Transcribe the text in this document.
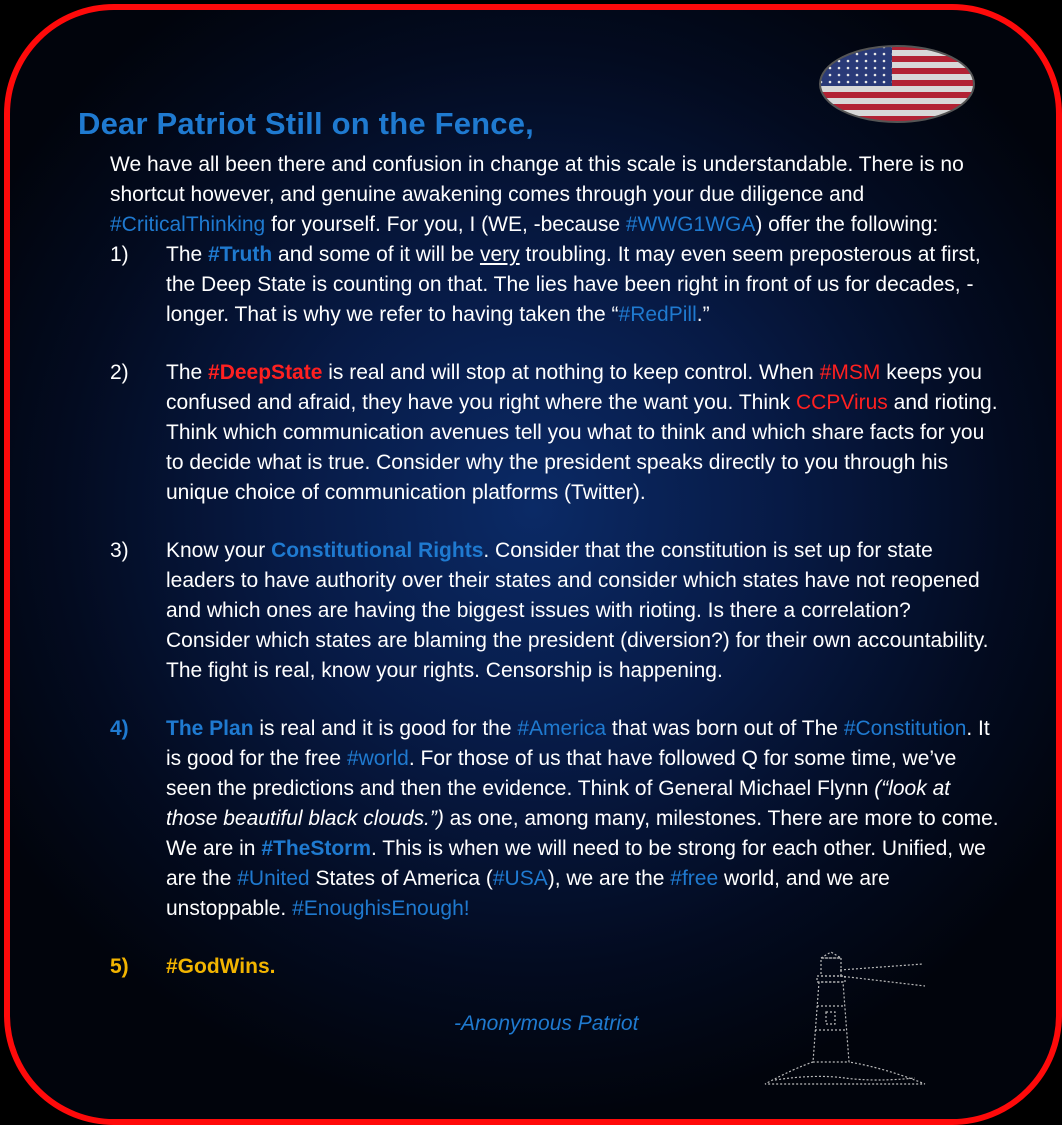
Dear Patriot Still on the Fence,
We have all been there and confusion in change at this scale is understandable. There is no shortcut however, and genuine awakening comes through your due diligence and #CriticalThinking for yourself. For you, I (WE, -because #WWG1WGA) offer the following:
1) The #Truth and some of it will be very troubling. It may even seem preposterous at first, the Deep State is counting on that. The lies have been right in front of us for decades, -longer. That is why we refer to having taken the “#RedPill.”
2) The #DeepState is real and will stop at nothing to keep control. When #MSM keeps you confused and afraid, they have you right where the want you. Think CCPVirus and rioting. Think which communication avenues tell you what to think and which share facts for you to decide what is true. Consider why the president speaks directly to you through his unique choice of communication platforms (Twitter).
3) Know your Constitutional Rights. Consider that the constitution is set up for state leaders to have authority over their states and consider which states have not reopened and which ones are having the biggest issues with rioting. Is there a correlation? Consider which states are blaming the president (diversion?) for their own accountability. The fight is real, know your rights. Censorship is happening.
4) The Plan is real and it is good for the #America that was born out of The #Constitution. It is good for the free #world. For those of us that have followed Q for some time, we’ve seen the predictions and then the evidence. Think of General Michael Flynn (“look at those beautiful black clouds.”) as one, among many, milestones. There are more to come. We are in #TheStorm. This is when we will need to be strong for each other. Unified, we are the #United States of America (#USA), we are the #free world, and we are unstoppable. #EnoughisEnough!
5) #GodWins.
-Anonymous Patriot
